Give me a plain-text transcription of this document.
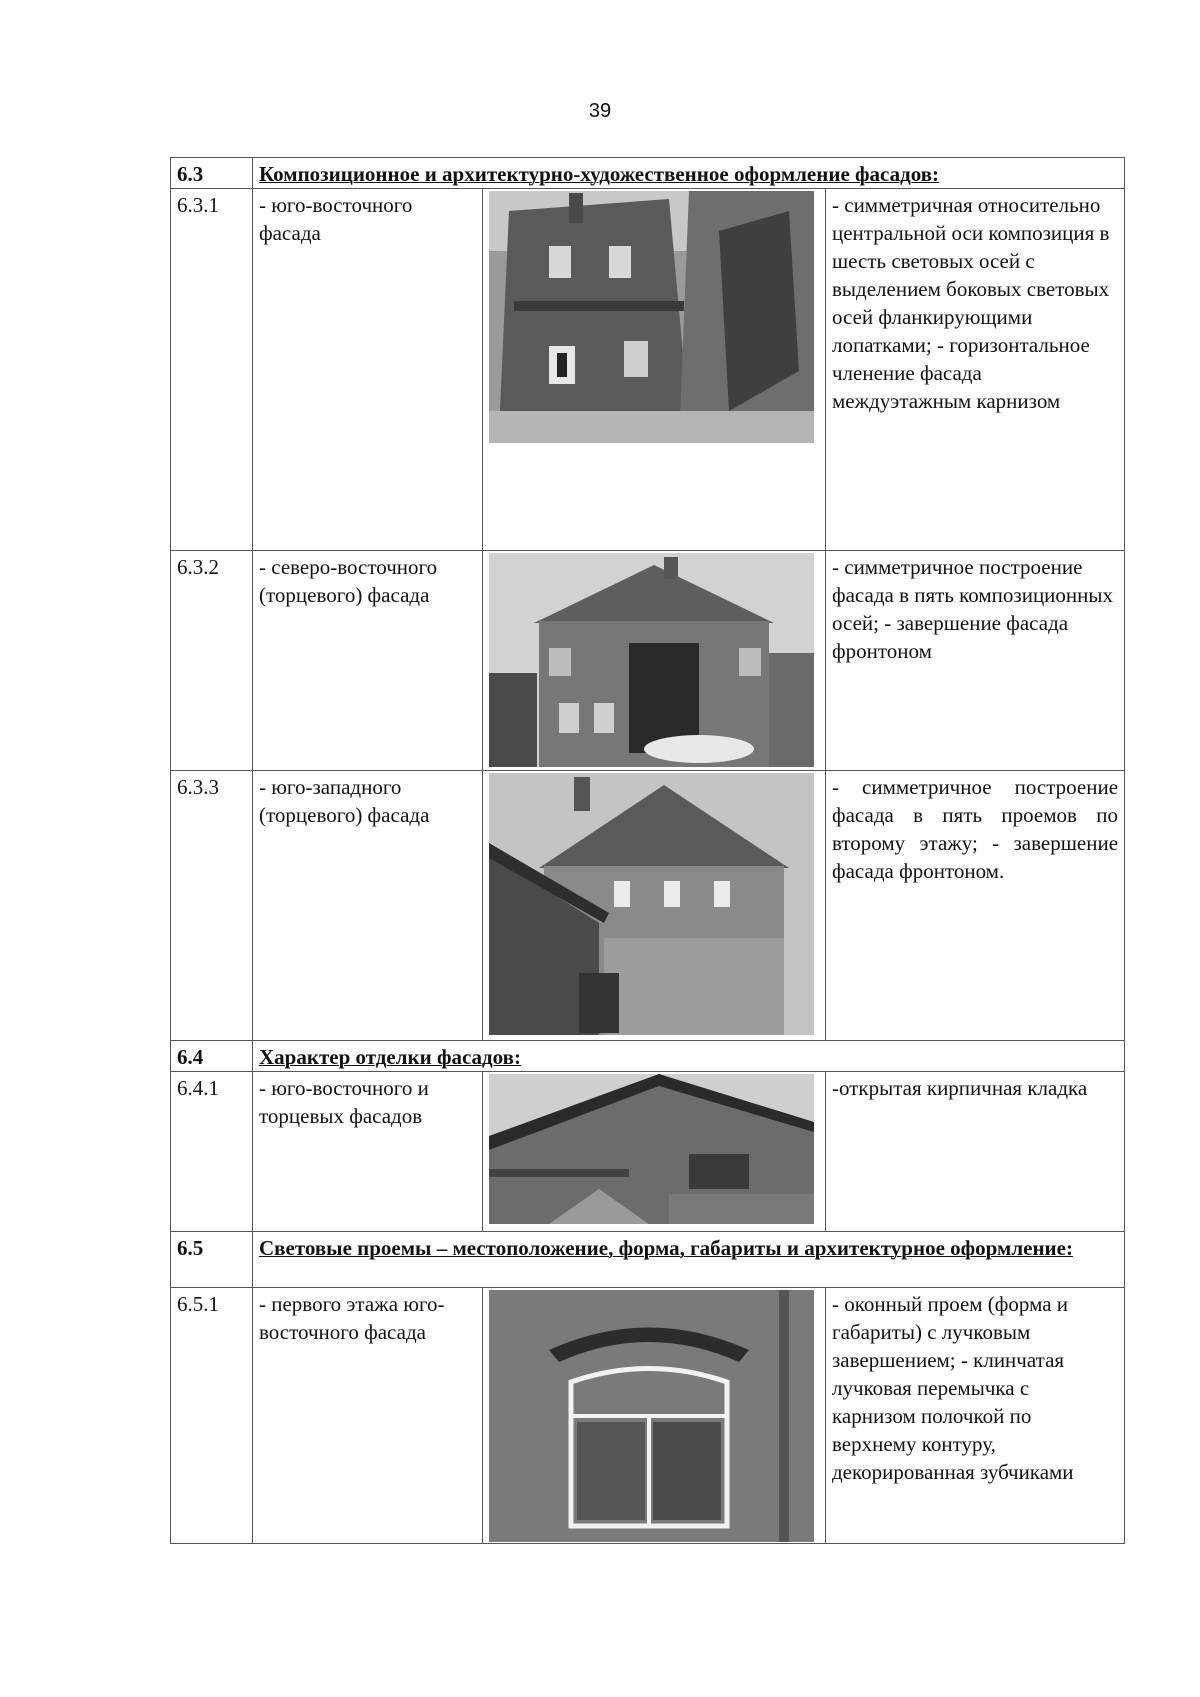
39
6.3	Композиционное и архитектурно-художественное оформление фасадов:		
6.3.1	- юго-восточного фасада		- симметричная относительно центральной оси композиция в шесть световых осей с выделением боковых световых осей фланкирующими лопатками; - горизонтальное членение фасада междуэтажным карнизом
6.3.2	- северо-восточного (торцевого) фасада		- симметричное построение фасада в пять композиционных осей; - завершение фасада фронтоном
6.3.3	- юго-западного (торцевого) фасада		- симметричное построение фасада в пять проемов по второму этажу; - завершение фасада фронтоном.
6.4	Характер отделки фасадов:		
6.4.1	- юго-восточного и торцевых фасадов		-открытая кирпичная кладка
6.5	Световые проемы – местоположение, форма, габариты и архитектурное оформление:		
6.5.1	- первого этажа юго-восточного фасада		- оконный проем (форма и габариты) с лучковым завершением; - клинчатая лучковая перемычка с карнизом полочкой по верхнему контуру, декорированная зубчиками
